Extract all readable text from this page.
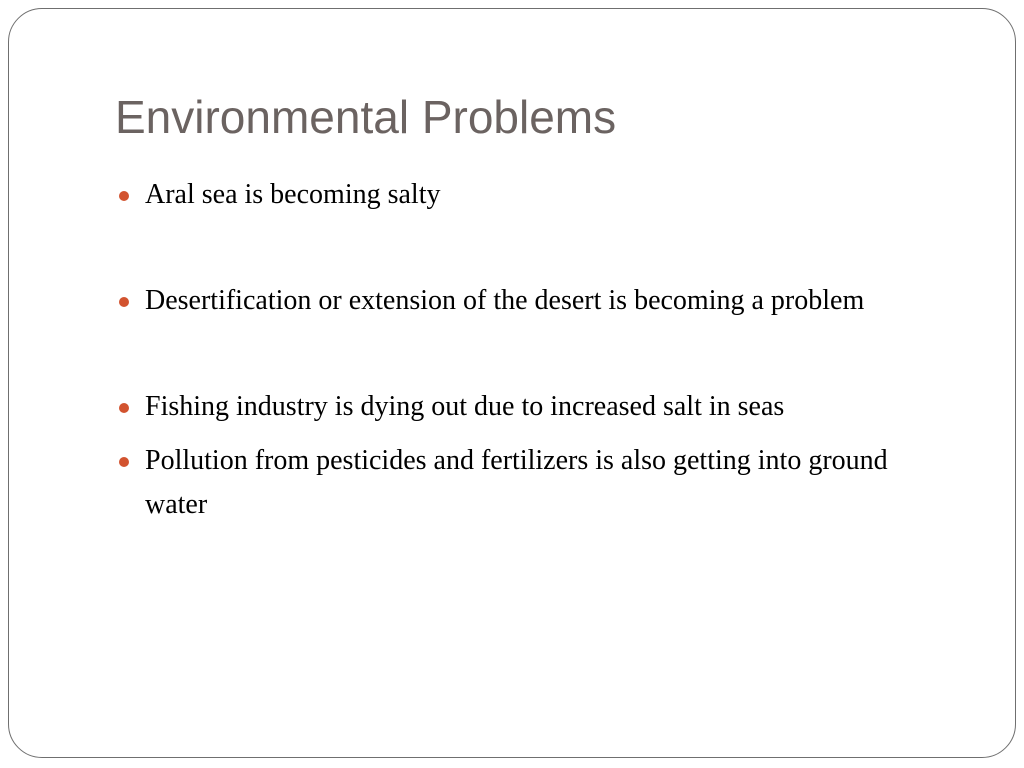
Environmental Problems
Aral sea is becoming salty
Desertification or extension of the desert is becoming a problem
Fishing industry is dying out due to increased salt in seas
Pollution from pesticides and fertilizers is also getting into ground water
